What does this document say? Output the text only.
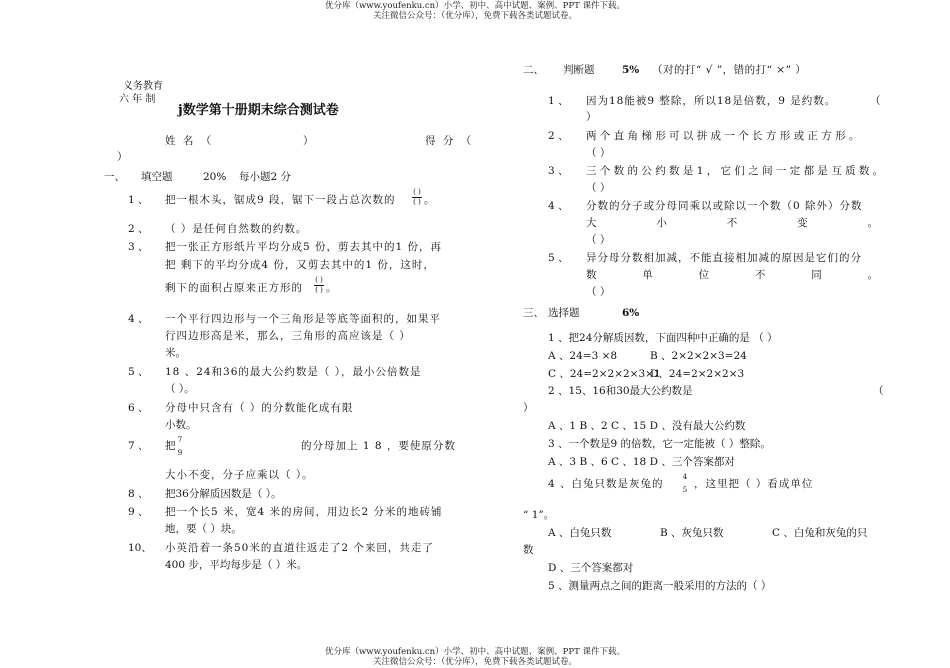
优分库（www.youfenku.cn）小学、初中、高中试题、案例、PPT 课件下载。
关注微信公众号：（优分库），免费下载各类试题试卷。
义务教育
六 年 制
j数学第十册期末综合测试卷
姓 名 （	）	得 分 （
）
一、 填空题	20% 每小题2 分
1 、 把一根木头，锯成9 段，锯下一段占总次数的
( )
( ) 。
2 、 （ ）是任何自然数的约数。
3 、 把一张正方形纸片平均分成5 份，剪去其中的1 份，再
把 剩下的平均分成4 份，又剪去其中的1 份，这时，
剩下的面积占原来正方形的
( )
( ) 。
4 、 一个平行四边形与一个三角形是等底等面积的，如果平
行四边形高是米，那么，三角形的高应该是（ ）
米。
5 、 18 、24和36的最大公约数是（ ），最小公倍数是
（ ）。
6 、 分母中只含有（ ）的分数能化成有限
小数。
7 、 把 7
9
的分母加上 1 8 ，要使原分数
大小不变，分子应乘以（ ）。
8 、 把36分解质因数是（ ）。
9 、 把一个长5 米，宽4 米的房间，用边长2 分米的地砖铺
地，要（ ）块。
10、 小英沿着一条50米的直道往返走了2 个来回，共走了
400 步，平均每步是（ ）米。
二、 判断题	5% （对的打“ √ ”，错的打“ ×” ）
1 、 因为18能被9 整除，所以18是倍数，9 是约数。	（
）
2 、 两 个 直 角 梯 形 可 以 拼 成 一 个 长 方 形 或 正 方 形 。
（ ）
3 、 三 个 数 的 公 约 数 是 1 ， 它 们 之 间 一 定 都 是 互 质 数 。
（ ）
4 、 分数的分子或分母同乘以或除以一个数（0 除外）分数
大	小	不	变	。
（ ）
5 、 异分母分数相加减，不能直接相加减的原因是它们的分
数	单	位	不	同	。
（ ）
三、 选择题	6%
1 、把24分解质因数，下面四种中正确的是 （ ）
A 、24=3 ×8	B 、2×2×2×3=24
C 、24=2×2×2×3×1
D、24=2×2×2×3
2 、15、16和30最大公约数是	（
）
A 、1 B 、2 C 、15 D 、没有最大公约数
3 、一个数是9 的倍数，它一定能被（ ）整除。
A 、3 B 、6 C 、18 D 、三个答案都对
4 、白兔只数是灰兔的
4
5 ，这里把（ ）看成单位
“ 1”。
A 、白兔只数	B 、灰兔只数	C 、白兔和灰兔的只
数
D 、三个答案都对
5 、测量两点之间的距离一般采用的方法的（ ）
优分库（www.youfenku.cn）小学、初中、高中试题、案例、PPT 课件下载。
关注微信公众号：（优分库），免费下载各类试题试卷。
